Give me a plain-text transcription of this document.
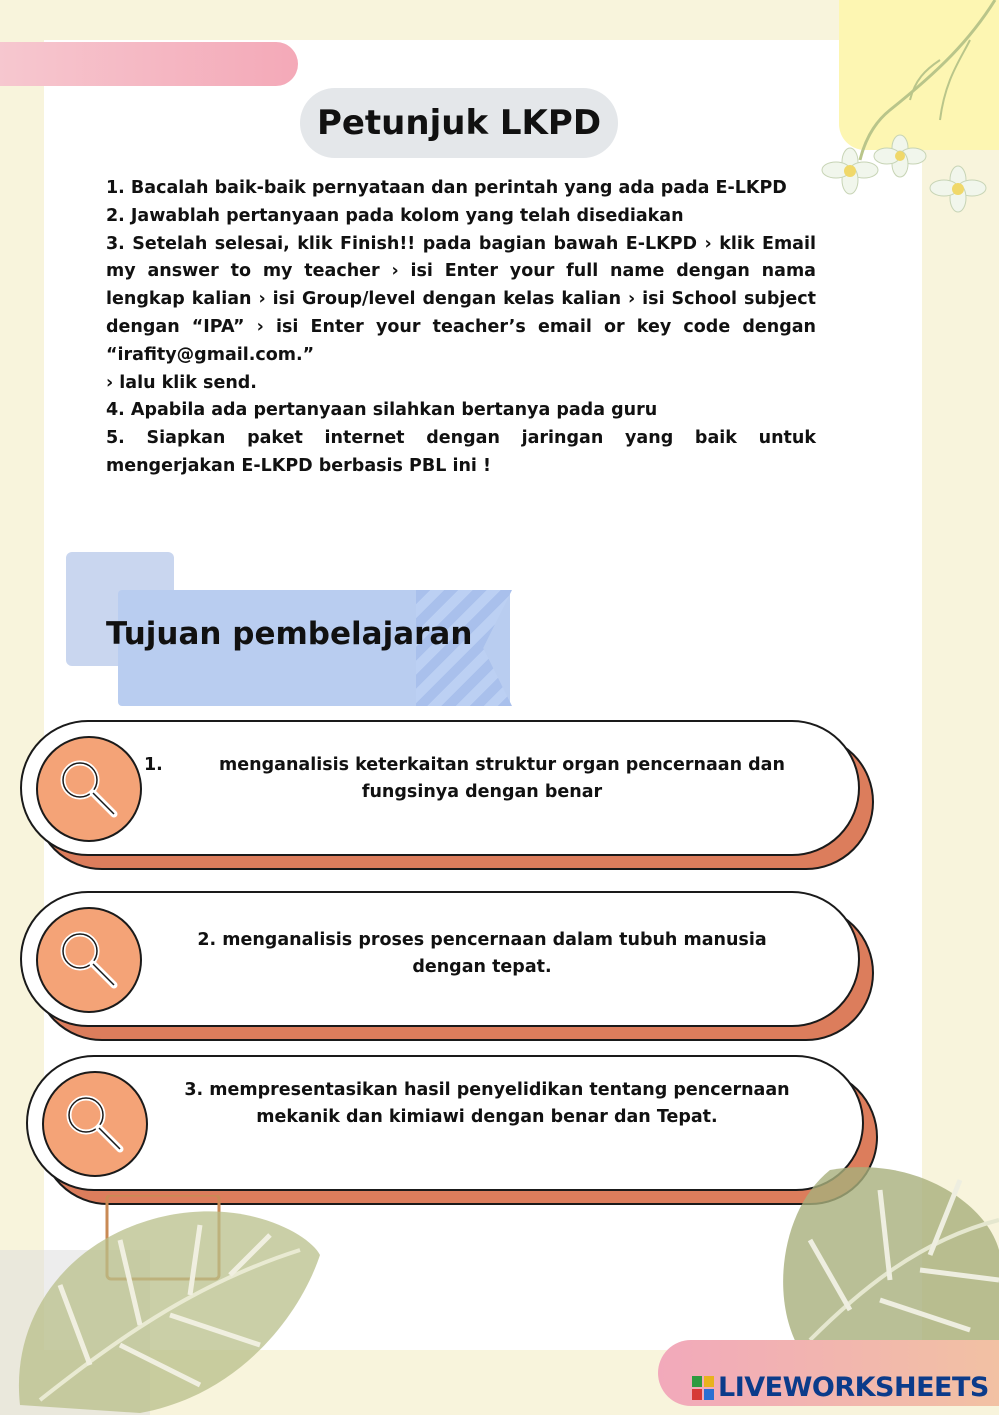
Petunjuk LKPD

1. Bacalah baik-baik pernyataan dan perintah yang ada pada E-LKPD

2. Jawablah pertanyaan pada kolom yang telah disediakan

3. Setelah selesai, klik Finish!! pada bagian bawah E-LKPD › klik Email my answer to my teacher › isi Enter your full name dengan nama lengkap kalian › isi Group/level dengan kelas kalian › isi School subject dengan “IPA” › isi Enter your teacher’s email or key code dengan “irafity@gmail.com.”

› lalu klik send.

4. Apabila ada pertanyaan silahkan bertanya pada guru

5. Siapkan paket internet dengan jaringan yang baik untuk mengerjakan E-LKPD berbasis PBL ini !

Tujuan pembelajaran
1.	menganalisis keterkaitan struktur organ pencernaan dan
fungsinya dengan benar
2. menganalisis proses pencernaan dalam tubuh manusia
dengan tepat.
3. mempresentasikan hasil penyelidikan tentang pencernaan
mekanik dan kimiawi dengan benar dan Tepat.
LIVEWORKSHEETS
